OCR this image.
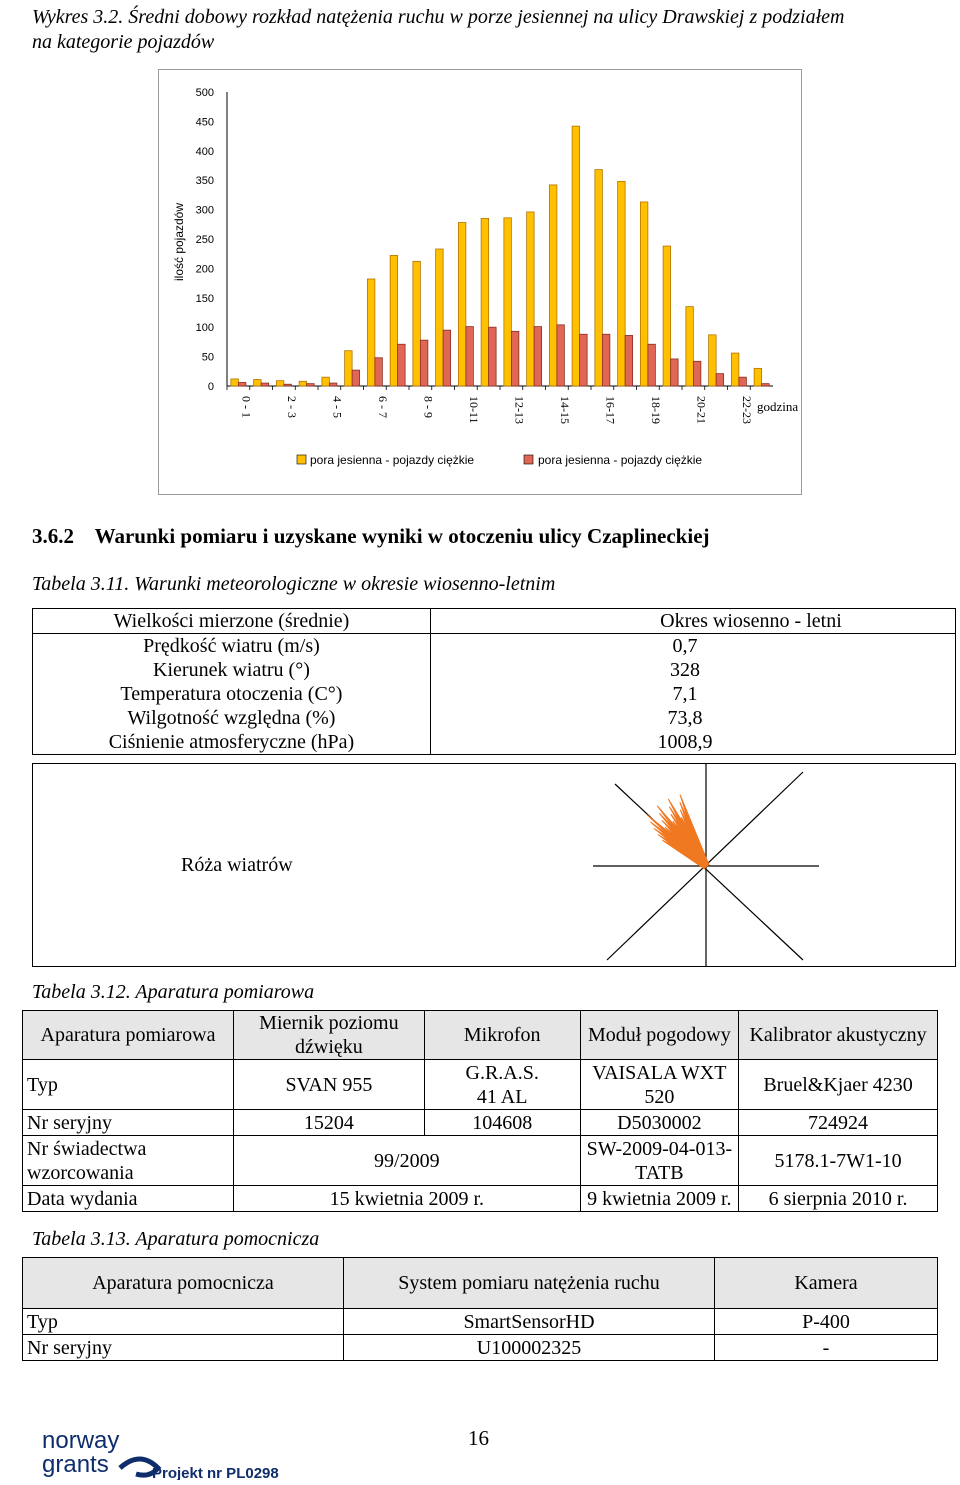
Wykres 3.2. Średni dobowy rozkład natężenia ruchu w porze jesiennej na ulicy Drawskiej z podziałem
na kategorie pojazdów
0
50
100
150
200
250
300
350
400
450
500
0 - 1	2 - 3	4 - 5	6 - 7	8 - 9	10-11	12-13	14-15	16-17	18-19	20-21	22-23
ilość pojazdów
godzina
pora jesienna - pojazdy ciężkie	pora jesienna - pojazdy ciężkie
3.6.2    Warunki pomiaru i uzyskane wyniki w otoczeniu ulicy Czaplineckiej
Tabela 3.11. Warunki meteorologiczne w okresie wiosenno-letnim
Wielkości mierzone (średnie)	Okres wiosenno - letni
Prędkość wiatru (m/s)	0,7
Kierunek wiatru (°)	328
Temperatura otoczenia (C°)	7,1
Wilgotność względna (%)	73,8
Ciśnienie atmosferyczne (hPa)	1008,9
Róża wiatrów
Tabela 3.12. Aparatura pomiarowa
Aparatura pomiarowa	Miernik poziomu dźwięku	Mikrofon	Moduł pogodowy	Kalibrator akustyczny
Typ	SVAN 955	G.R.A.S. 41 AL	VAISALA WXT 520	Bruel&Kjaer 4230
Nr seryjny	15204	104608	D5030002	724924
Nr świadectwa wzorcowania	99/2009		SW-2009-04-013-TATB	5178.1-7W1-10
Data wydania	15 kwietnia 2009 r.		9 kwietnia 2009 r.	6 sierpnia 2010 r.
Tabela 3.13. Aparatura pomocnicza
Aparatura pomocnicza	System pomiaru natężenia ruchu	Kamera
Typ	SmartSensorHD	P-400
Nr seryjny	U100002325	-
16
norway
grants	Projekt nr PL0298
